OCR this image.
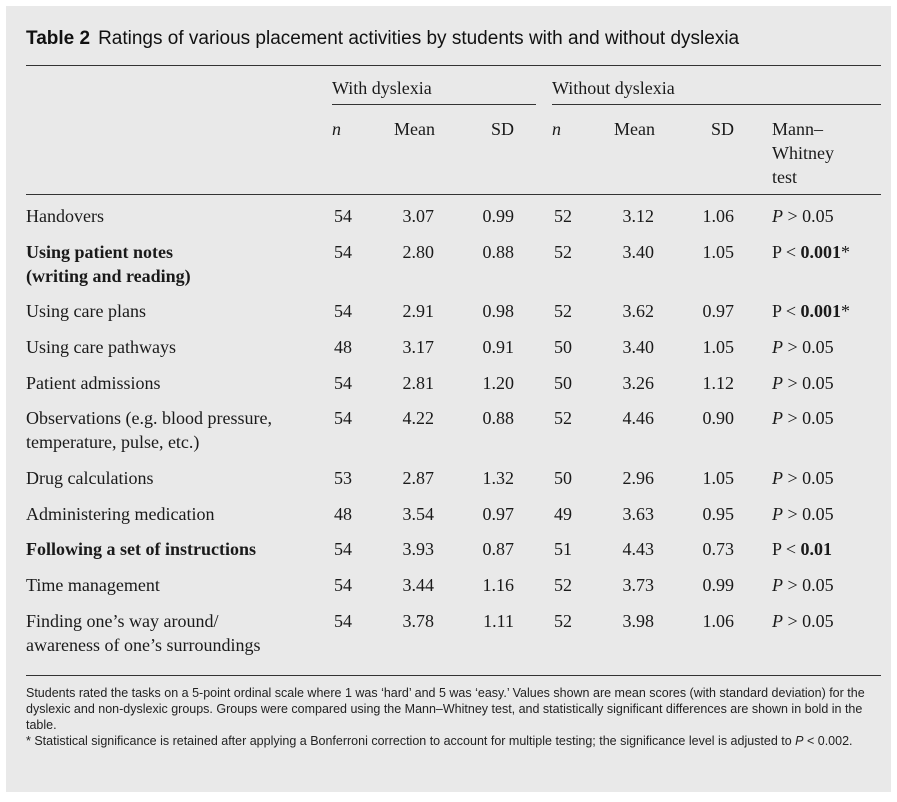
Table 2 Ratings of various placement activities by students with and without dyslexia
With dyslexia	Without dyslexia
n	Mean	SD n	Mean	SD Mann–
Whitney
test
Handovers	54	3.07	0.99	52	3.12	1.06 P > 0.05
Using patient notes
(writing and reading)
54	2.80	0.88	52	3.40	1.05 P < 0.001*
Using care plans	54	2.91	0.98	52	3.62	0.97 P < 0.001*
Using care pathways	48	3.17	0.91	50	3.40	1.05 P > 0.05
Patient admissions	54	2.81	1.20	50	3.26	1.12 P > 0.05
Observations (e.g. blood pressure,
temperature, pulse, etc.)
54	4.22	0.88	52	4.46	0.90 P > 0.05
Drug calculations	53	2.87	1.32	50	2.96	1.05 P > 0.05
Administering medication	48	3.54	0.97	49	3.63	0.95 P > 0.05
Following a set of instructions	54	3.93	0.87	51	4.43	0.73 P < 0.01
Time management	54	3.44	1.16	52	3.73	0.99 P > 0.05
Finding one’s way around/
awareness of one’s surroundings
54	3.78	1.11	52	3.98	1.06 P > 0.05

Students rated the tasks on a 5-point ordinal scale where 1 was ‘hard’ and 5 was ‘easy.’ Values shown are mean scores (with standard deviation) for the dyslexic and non-dyslexic groups. Groups were compared using the Mann–Whitney test, and statistically significant differences are shown in bold in the table.

* Statistical significance is retained after applying a Bonferroni correction to account for multiple testing; the significance level is adjusted to P < 0.002.
